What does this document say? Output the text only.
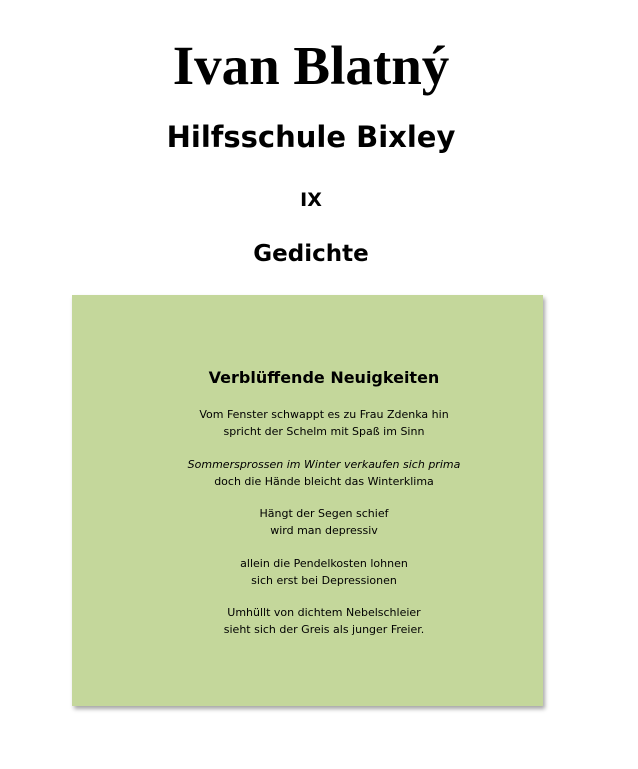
Ivan Blatný
Hilfsschule Bixley
IX
Gedichte
Verblüffende Neuigkeiten

Vom Fenster schwappt es zu Frau Zdenka hin
spricht der Schelm mit Spaß im Sinn

Sommersprossen im Winter verkaufen sich prima
doch die Hände bleicht das Winterklima

Hängt der Segen schief
wird man depressiv

allein die Pendelkosten lohnen
sich erst bei Depressionen

Umhüllt von dichtem Nebelschleier
sieht sich der Greis als junger Freier.
